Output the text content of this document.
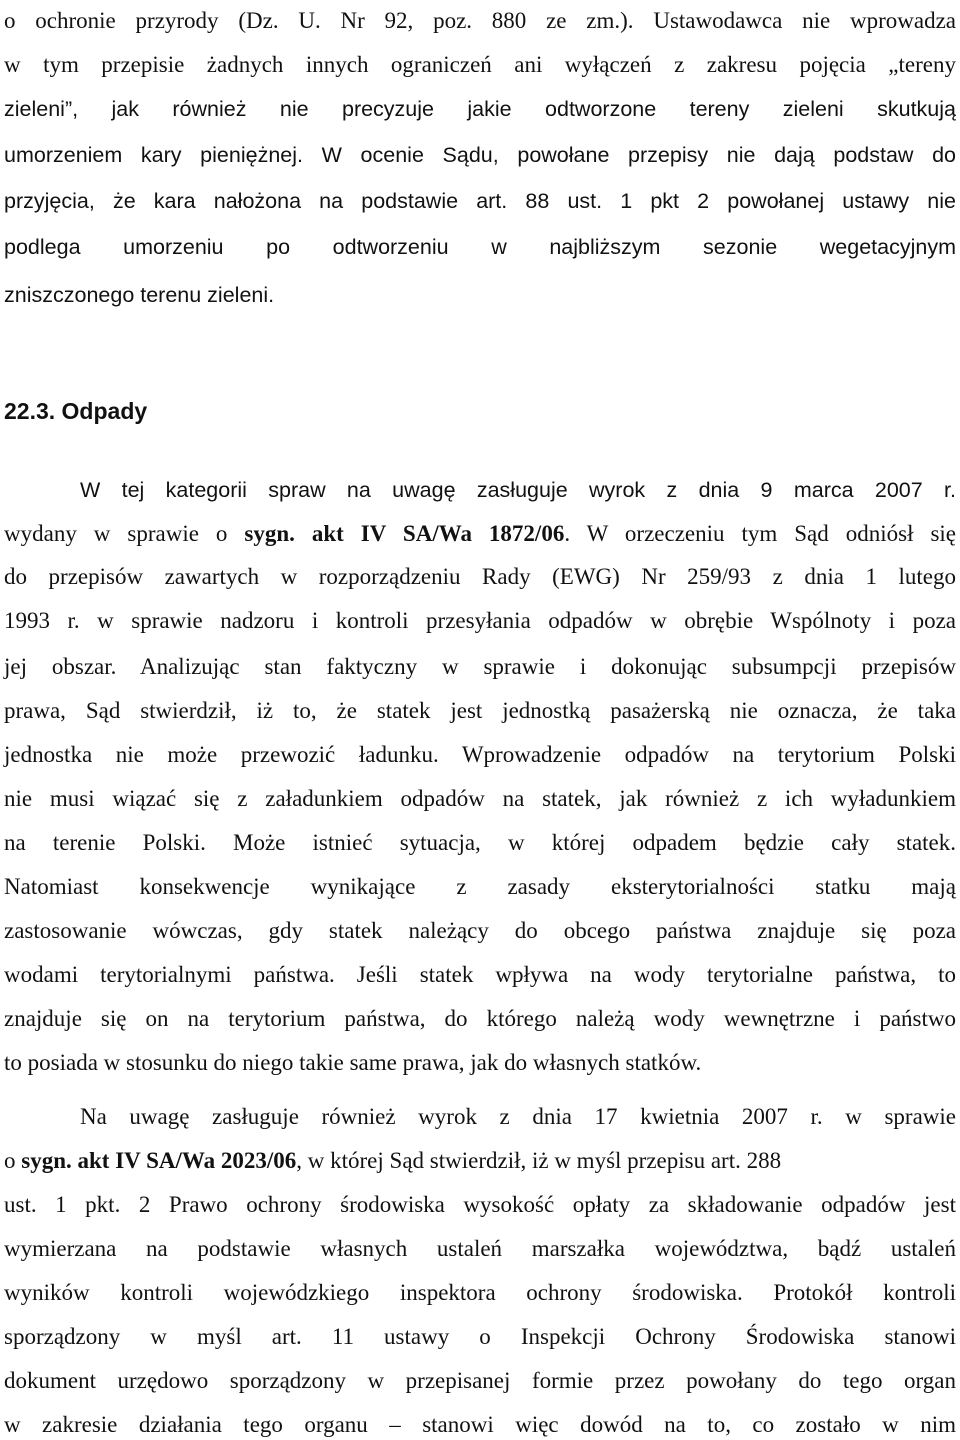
o ochronie przyrody (Dz. U. Nr 92, poz. 880 ze zm.). Ustawodawca nie wprowadza
w tym przepisie żadnych innych ograniczeń ani wyłączeń z zakresu pojęcia „tereny
zieleni”, jak również nie precyzuje jakie odtworzone tereny zieleni skutkują
umorzeniem kary pieniężnej. W ocenie Sądu, powołane przepisy nie dają podstaw do
przyjęcia, że kara nałożona na podstawie art. 88 ust. 1 pkt 2 powołanej ustawy nie
podlega umorzeniu po odtworzeniu w najbliższym sezonie wegetacyjnym
zniszczonego terenu zieleni.
22.3. Odpady
W tej kategorii spraw na uwagę zasługuje wyrok z dnia 9 marca 2007 r.
wydany w sprawie o sygn. akt IV SA/Wa 1872/06. W orzeczeniu tym Sąd odniósł się
do przepisów zawartych w rozporządzeniu Rady (EWG) Nr 259/93 z dnia 1 lutego
1993 r. w sprawie nadzoru i kontroli przesyłania odpadów w obrębie Wspólnoty i poza
jej obszar. Analizując stan faktyczny w sprawie i dokonując subsumpcji przepisów
prawa, Sąd stwierdził, iż to, że statek jest jednostką pasażerską nie oznacza, że taka
jednostka nie może przewozić ładunku. Wprowadzenie odpadów na terytorium Polski
nie musi wiązać się z załadunkiem odpadów na statek, jak również z ich wyładunkiem
na terenie Polski. Może istnieć sytuacja, w której odpadem będzie cały statek.
Natomiast konsekwencje wynikające z zasady eksterytorialności statku mają
zastosowanie wówczas, gdy statek należący do obcego państwa znajduje się poza
wodami terytorialnymi państwa. Jeśli statek wpływa na wody terytorialne państwa, to
znajduje się on na terytorium państwa, do którego należą wody wewnętrzne i państwo
to posiada w stosunku do niego takie same prawa, jak do własnych statków.
Na uwagę zasługuje również wyrok z dnia 17 kwietnia 2007 r. w sprawie
o sygn. akt IV SA/Wa 2023/06, w której Sąd stwierdził, iż w myśl przepisu art. 288
ust. 1 pkt. 2 Prawo ochrony środowiska wysokość opłaty za składowanie odpadów jest
wymierzana na podstawie własnych ustaleń marszałka województwa, bądź ustaleń
wyników kontroli wojewódzkiego inspektora ochrony środowiska. Protokół kontroli
sporządzony w myśl art. 11 ustawy o Inspekcji Ochrony Środowiska stanowi
dokument urzędowo sporządzony w przepisanej formie przez powołany do tego organ
w zakresie działania tego organu – stanowi więc dowód na to, co zostało w nim
